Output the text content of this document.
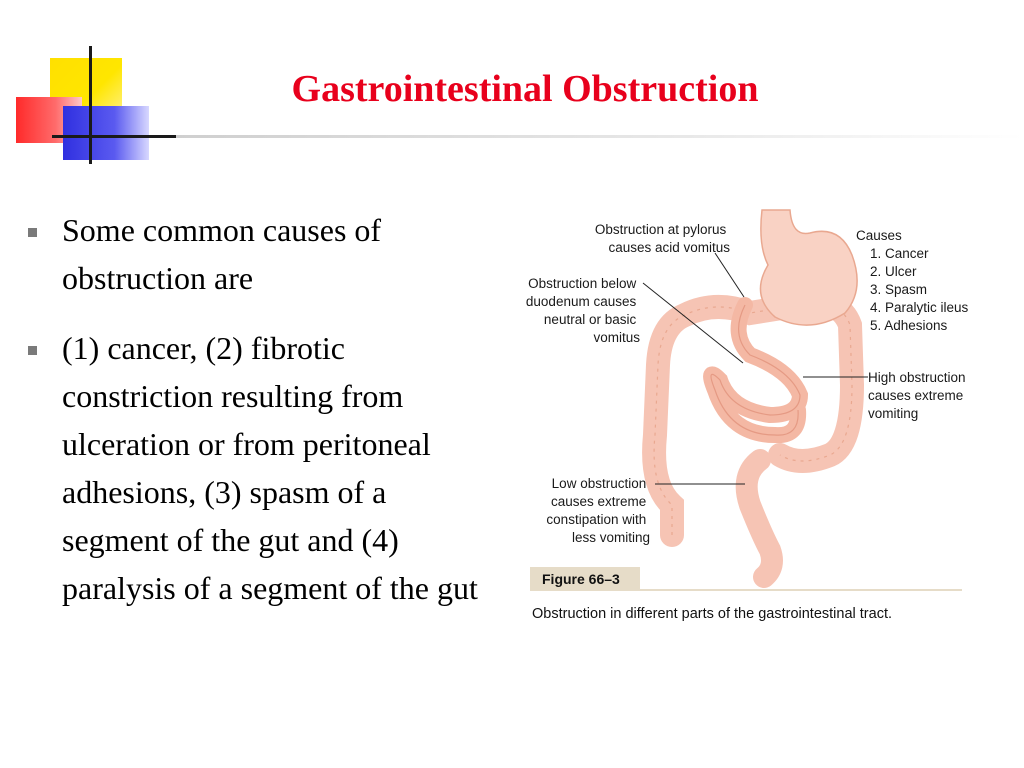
Gastrointestinal Obstruction
Some common causes of obstruction are
(1) cancer, (2) fibrotic constriction resulting from ulceration or from peritoneal adhesions, (3) spasm of a segment of the gut and (4) paralysis of a segment of the gut
Obstruction at pylorus causes acid vomitus
Obstruction below duodenum causes neutral or basic vomitus
High obstruction causes extreme vomiting
Low obstruction causes extreme constipation with less vomiting
Causes 1. Cancer 2. Ulcer 3. Spasm 4. Paralytic ileus 5. Adhesions
Figure 66–3
Obstruction in different parts of the gastrointestinal tract.
